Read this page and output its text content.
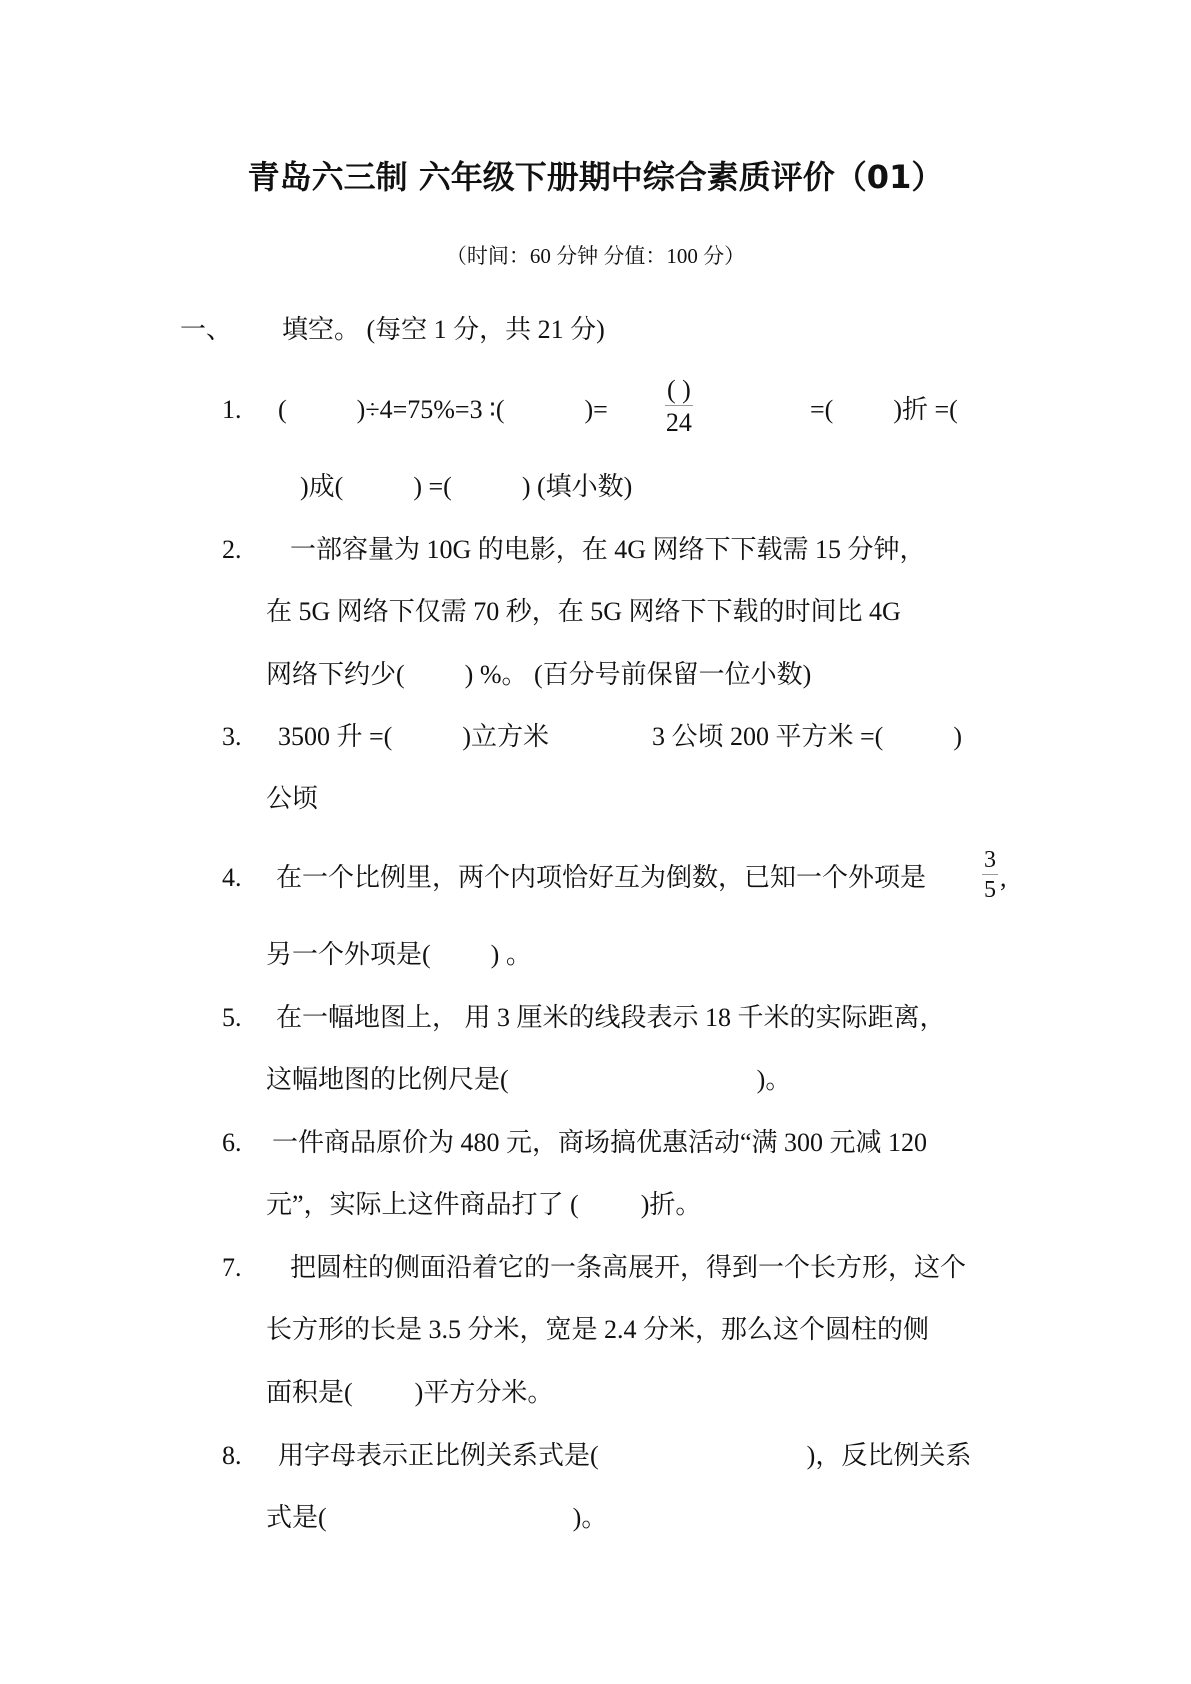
青岛六三制 六年级下册期中综合素质评价（01）
（时间：60 分钟 分值：100 分）
一、 填空。 (每空 1 分，共 21 分)
1. (	)÷4=75%=3 ∶(	)= $\frac{( )}{24}$	=( )折 =(
)成(	) =(	) (填小数)
2. 一部容量为 10G 的电影，在 4G 网络下下载需 15 分钟，
在 5G 网络下仅需 70 秒，在 5G 网络下下载的时间比 4G
网络下约少( ) %。 (百分号前保留一位小数)
3. 3500 升 =(	)立方米	3 公顷 200 平方米 =(	)
公顷
4. 在一个比例里，两个内项恰好互为倒数，已知一个外项是 $\frac{3}{5}$ ,
另一个外项是( ) 。
5. 在一幅地图上， 用 3 厘米的线段表示 18 千米的实际距离，
这幅地图的比例尺是(	)。
6. 一件商品原价为 480 元，商场搞优惠活动“满 300 元减 120
元”，实际上这件商品打了 ( )折。
7. 把圆柱的侧面沿着它的一条高展开，得到一个长方形，这个
长方形的长是 3.5 分米，宽是 2.4 分米，那么这个圆柱的侧
面积是( )平方分米。
8. 用字母表示正比例关系式是(	)，反比例关系
式是(	)。
